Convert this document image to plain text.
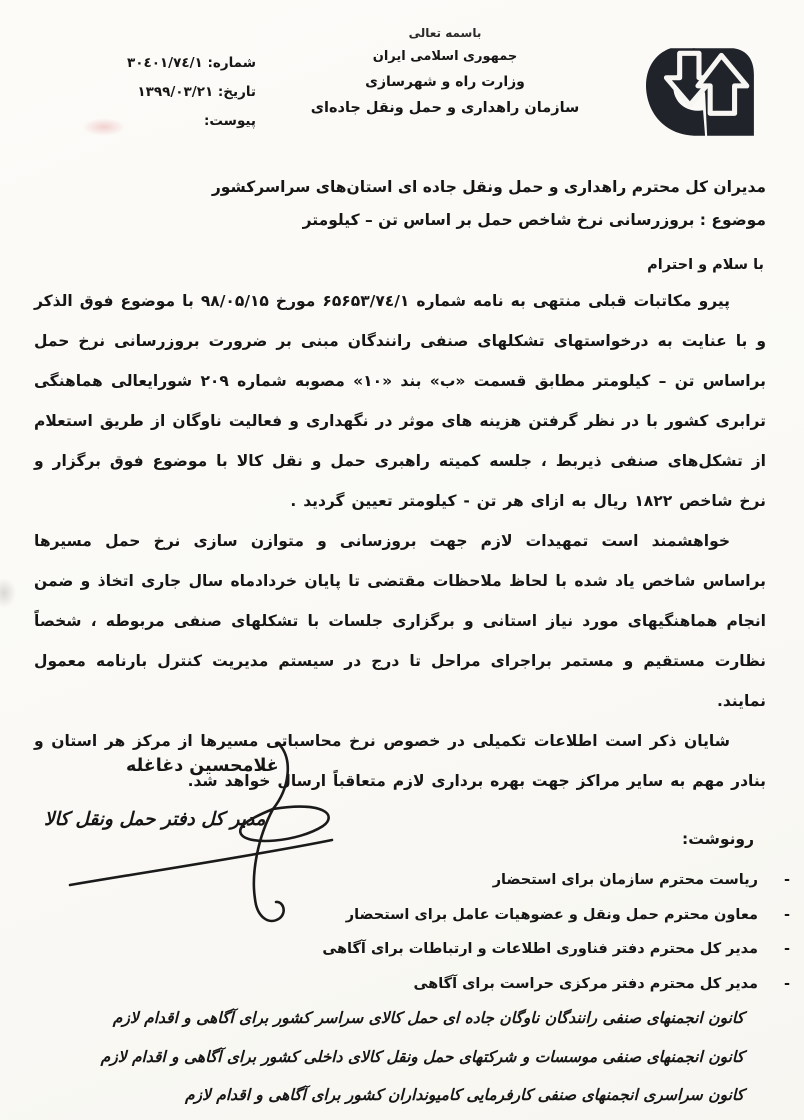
باسمه تعالی
جمهوری اسلامی ایران
وزارت راه و شهرسازی
سازمان راهداری و حمل ونقل جاده‌ای
شماره: ۳۰٤۰۱/۷٤/۱
تاریخ: ۱۳۹۹/۰۳/۲۱
پیوست:
مدیران کل محترم راهداری و حمل ونقل جاده ای استان‌های سراسرکشور
موضوع : بروزرسانی نرخ شاخص حمل بر اساس تن – کیلومتر
با سلام و احترام

پیرو مکاتبات قبلی منتهی به نامه شماره ۶۵۶۵۳/۷٤/۱ مورخ ۹۸/۰۵/۱۵ با موضوع فوق الذکر و با عنایت به درخواستهای تشکلهای صنفی رانندگان مبنی بر ضرورت بروزرسانی نرخ حمل براساس تن – کیلومتر مطابق قسمت «ب» بند «۱۰» مصوبه شماره ۲۰۹ شورایعالی هماهنگی ترابری کشور با در نظر گرفتن هزینه های موثر در نگهداری و فعالیت ناوگان از طریق استعلام از تشکل‌های صنفی ذیربط ، جلسه کمیته راهبری حمل و نقل کالا با موضوع فوق برگزار و نرخ شاخص ۱۸۲۲ ریال به ازای هر تن - کیلومتر تعیین گردید .

خواهشمند است تمهیدات لازم جهت بروزسانی و متوازن سازی نرخ حمل مسیرها براساس شاخص یاد شده با لحاظ ملاحظات مقتضی تا پایان خردادماه سال جاری اتخاذ و ضمن انجام هماهنگیهای مورد نیاز استانی و برگزاری جلسات با تشکلهای صنفی مربوطه ، شخصاً نظارت مستقیم و مستمر براجرای مراحل تا درج در سیستم مدیریت کنترل بارنامه معمول نمایند.

شایان ذکر است اطلاعات تکمیلی در خصوص نرخ محاسباتی مسیرها از مرکز هر استان و بنادر مهم به سایر مراکز جهت بهره برداری لازم متعاقباً ارسال خواهد شد.

غلامحسین دغاغله
مدیر کل دفتر حمل ونقل کالا
رونوشت:
-
ریاست محترم سازمان برای استحضار
-
معاون محترم حمل ونقل و عضوهیات عامل برای استحضار
-
مدیر کل محترم دفتر فناوری اطلاعات و ارتباطات برای آگاهی
-
مدیر کل محترم دفتر مرکزی حراست برای آگاهی
کانون انجمنهای صنفی رانندگان ناوگان جاده ای حمل کالای سراسر کشور برای آگاهی و اقدام لازم
کانون انجمنهای صنفی موسسات و شرکتهای حمل ونقل کالای داخلی کشور برای آگاهی و اقدام لازم
کانون سراسری انجمنهای صنفی کارفرمایی کامیونداران کشور برای آگاهی و اقدام لازم
